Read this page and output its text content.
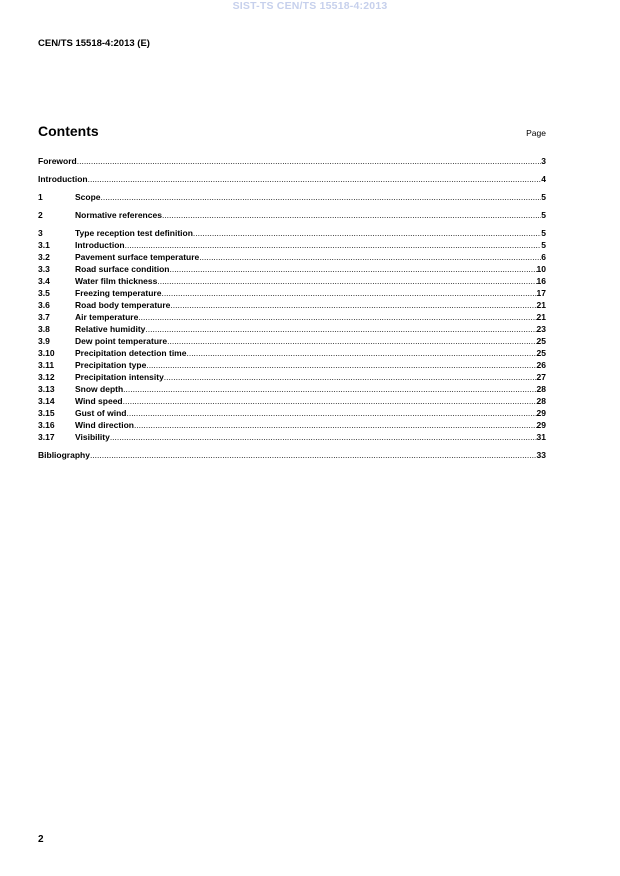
SIST-TS CEN/TS 15518-4:2013
CEN/TS 15518-4:2013 (E)
Contents	Page
Foreword .....	3
Introduction .....	4
1	Scope .....	5
2	Normative references .....	5
3	Type reception test definition .....	5
3.1	Introduction .....	5
3.2	Pavement surface temperature .....	6
3.3	Road surface condition .....	10
3.4	Water film thickness .....	16
3.5	Freezing temperature .....	17
3.6	Road body temperature .....	21
3.7	Air temperature .....	21
3.8	Relative humidity .....	23
3.9	Dew point temperature .....	25
3.10	Precipitation detection time .....	25
3.11	Precipitation type .....	26
3.12	Precipitation intensity .....	27
3.13	Snow depth .....	28
3.14	Wind speed .....	28
3.15	Gust of wind .....	29
3.16	Wind direction .....	29
3.17	Visibility .....	31
Bibliography .....	33
2
